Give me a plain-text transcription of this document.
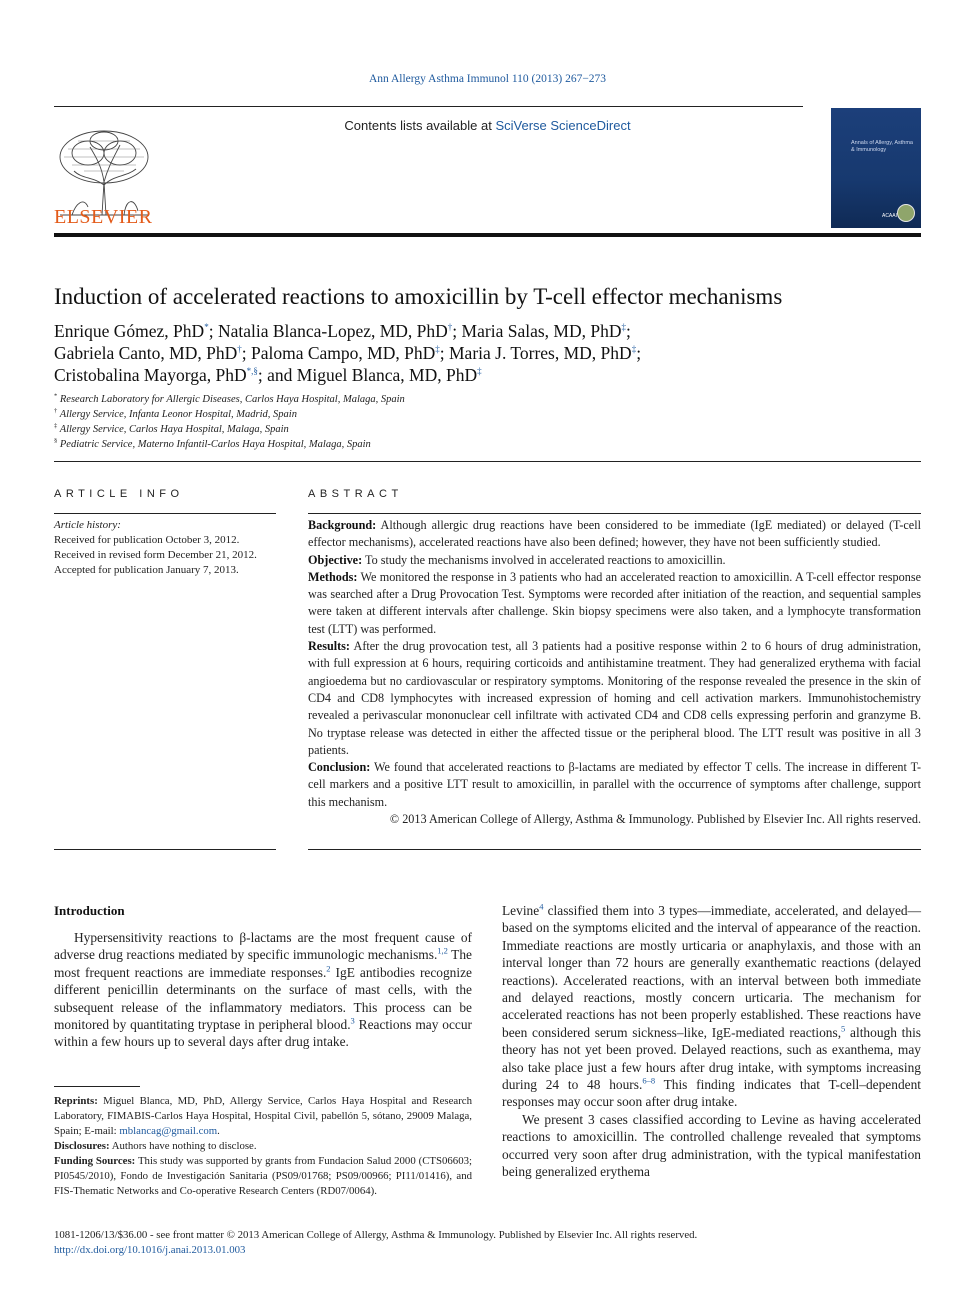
Ann Allergy Asthma Immunol 110 (2013) 267−273
ELSEVIER
Contents lists available at SciVerse ScienceDirect
Annals of Allergy, Asthma & Immunology
ACAAI
Induction of accelerated reactions to amoxicillin by T-cell effector mechanisms
Enrique Gómez, PhD*; Natalia Blanca-Lopez, MD, PhD†; Maria Salas, MD, PhD‡;
Gabriela Canto, MD, PhD†; Paloma Campo, MD, PhD‡; Maria J. Torres, MD, PhD‡;
Cristobalina Mayorga, PhD*,§; and Miguel Blanca, MD, PhD‡
* Research Laboratory for Allergic Diseases, Carlos Haya Hospital, Malaga, Spain
† Allergy Service, Infanta Leonor Hospital, Madrid, Spain
‡ Allergy Service, Carlos Haya Hospital, Malaga, Spain
§ Pediatric Service, Materno Infantil-Carlos Haya Hospital, Malaga, Spain
ARTICLE INFO	ABSTRACT
Article history:
Received for publication October 3, 2012.
Received in revised form December 21, 2012.
Accepted for publication January 7, 2013.

Background: Although allergic drug reactions have been considered to be immediate (IgE mediated) or delayed (T-cell effector mechanisms), accelerated reactions have also been defined; however, they have not been sufficiently studied.

Objective: To study the mechanisms involved in accelerated reactions to amoxicillin.

Methods: We monitored the response in 3 patients who had an accelerated reaction to amoxicillin. A T-cell effector response was searched after a Drug Provocation Test. Symptoms were recorded after initiation of the reaction, and sequential samples were taken at different intervals after challenge. Skin biopsy specimens were also taken, and a lymphocyte transformation test (LTT) was performed.

Results: After the drug provocation test, all 3 patients had a positive response within 2 to 6 hours of drug administration, with full expression at 6 hours, requiring corticoids and antihistamine treatment. They had generalized erythema with facial angioedema but no cardiovascular or respiratory symptoms. Monitoring of the response revealed the presence in the skin of CD4 and CD8 lymphocytes with increased expression of homing and cell activation markers. Immunohistochemistry revealed a perivascular mononuclear cell infiltrate with activated CD4 and CD8 cells expressing perforin and granzyme B. No tryptase release was detected in either the affected tissue or the peripheral blood. The LTT result was positive in all 3 patients.

Conclusion: We found that accelerated reactions to β-lactams are mediated by effector T cells. The increase in different T-cell markers and a positive LTT result to amoxicillin, in parallel with the occurrence of symptoms after challenge, support this mechanism.

© 2013 American College of Allergy, Asthma & Immunology. Published by Elsevier Inc. All rights reserved.

Introduction

Hypersensitivity reactions to β-lactams are the most frequent cause of adverse drug reactions mediated by specific immunologic mechanisms.$^{1,2}$ The most frequent reactions are immediate responses.$^2$ IgE antibodies recognize different penicillin determinants on the surface of mast cells, with the subsequent release of the inflammatory mediators. This process can be monitored by quantitating tryptase in peripheral blood.$^3$ Reactions may occur within a few hours up to several days after drug intake.

Reprints: Miguel Blanca, MD, PhD, Allergy Service, Carlos Haya Hospital and Research Laboratory, FIMABIS-Carlos Haya Hospital, Hospital Civil, pabellón 5, sótano, 29009 Malaga, Spain; E-mail: mblancag@gmail.com.

Disclosures: Authors have nothing to disclose.

Funding Sources: This study was supported by grants from Fundacion Salud 2000 (CTS06603; PI0545/2010), Fondo de Investigación Sanitaria (PS09/01768; PS09/00966; PI11/01416), and FIS-Thematic Networks and Co-operative Research Centers (RD07/0064).

Levine$^4$ classified them into 3 types—immediate, accelerated, and delayed—based on the symptoms elicited and the interval of appearance of the reaction. Immediate reactions are mostly urticaria or anaphylaxis, and those with an interval longer than 72 hours are generally exanthematic reactions (delayed reactions). Accelerated reactions, with an interval between both immediate and delayed reactions, mostly concern urticaria. The mechanism for accelerated reactions has not been properly established. These reactions have been considered serum sickness–like, IgE-mediated reactions,$^5$ although this theory has not yet been proved. Delayed reactions, such as exanthema, may also take place just a few hours after drug intake, with symptoms increasing during 24 to 48 hours.$^{6-8}$ This finding indicates that T-cell–dependent responses may occur soon after drug intake.

We present 3 cases classified according to Levine as having accelerated reactions to amoxicillin. The controlled challenge revealed that symptoms occurred very soon after drug administration, with the typical manifestation being generalized erythema

1081-1206/13/$36.00 - see front matter © 2013 American College of Allergy, Asthma & Immunology. Published by Elsevier Inc. All rights reserved.
http://dx.doi.org/10.1016/j.anai.2013.01.003
